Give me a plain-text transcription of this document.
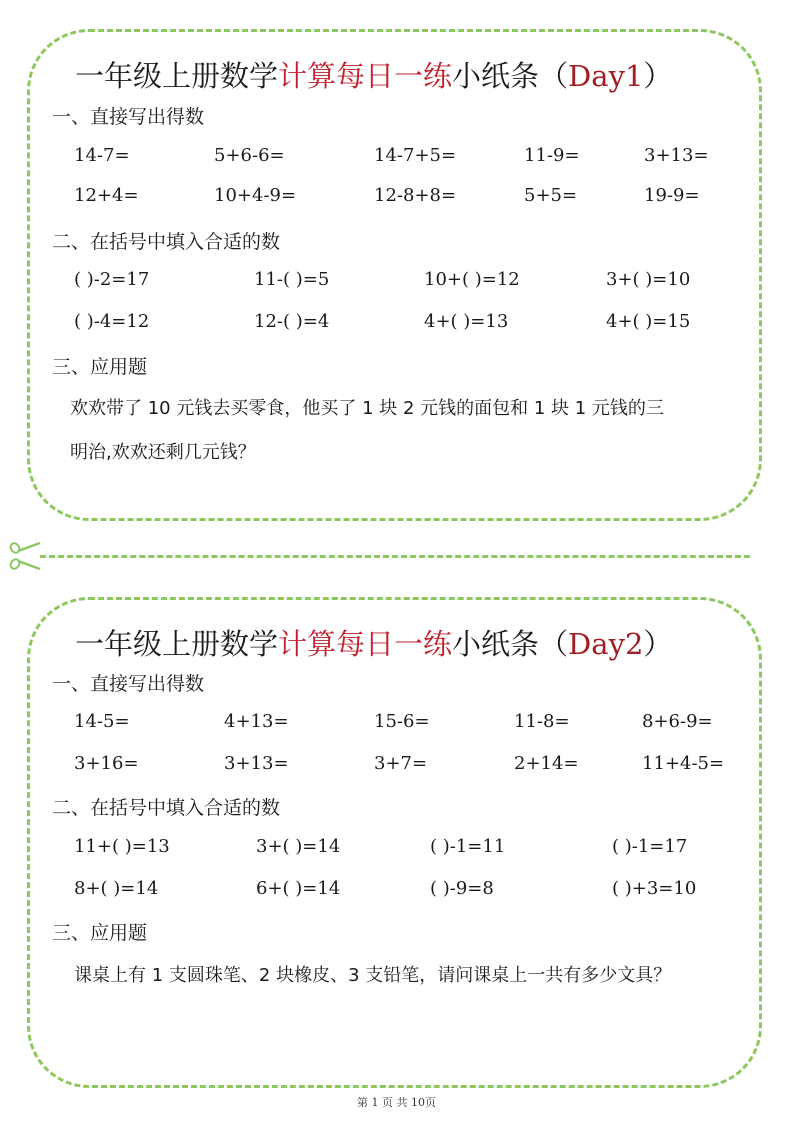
一年级上册数学计算每日一练小纸条（Day1）
一、直接写出得数
14-7=	5+6-6=	14-7+5=	11-9=	3+13=
12+4=	10+4-9=	12-8+8=	5+5=	19-9=
二、在括号中填入合适的数
( )-2=17	11-( )=5	10+( )=12	3+( )=10
( )-4=12	12-( )=4	4+( )=13	4+( )=15
三、应用题
欢欢带了 10 元钱去买零食，他买了 1 块 2 元钱的面包和 1 块 1 元钱的三
明治,欢欢还剩几元钱？
一年级上册数学计算每日一练小纸条（Day2）
一、直接写出得数
14-5=	4+13=	15-6=	11-8=	8+6-9=
3+16=	3+13=	3+7=	2+14=	11+4-5=
二、在括号中填入合适的数
11+( )=13	3+( )=14	( )-1=11	( )-1=17
8+( )=14	6+( )=14	( )-9=8	( )+3=10
三、应用题
课桌上有 1 支圆珠笔、2 块橡皮、3 支铅笔，请问课桌上一共有多少文具？
第 1 页 共 10页
